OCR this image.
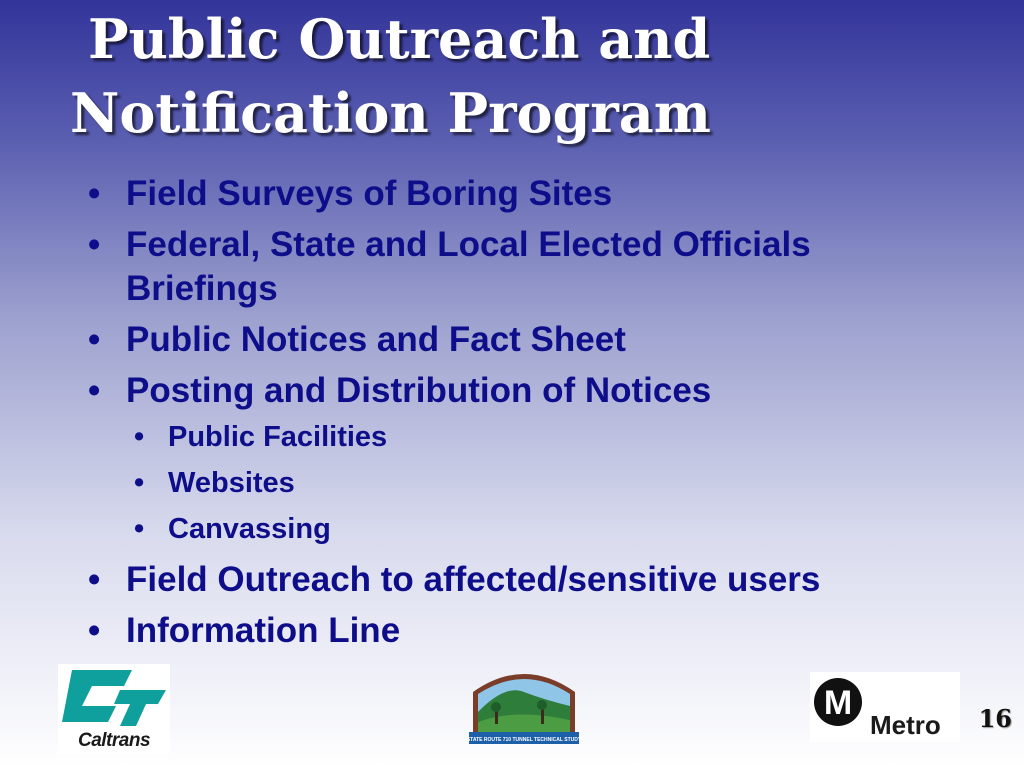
Public Outreach and
Notification Program
• Field Surveys of Boring Sites
• Federal, State and Local Elected Officials Briefings
• Public Notices and Fact Sheet
• Posting and Distribution of Notices
• Public Facilities
• Websites
• Canvassing
• Field Outreach to affected/sensitive users
• Information Line
Caltrans	STATE ROUTE 710 TUNNEL TECHNICAL STUDY
M
Metro 16
